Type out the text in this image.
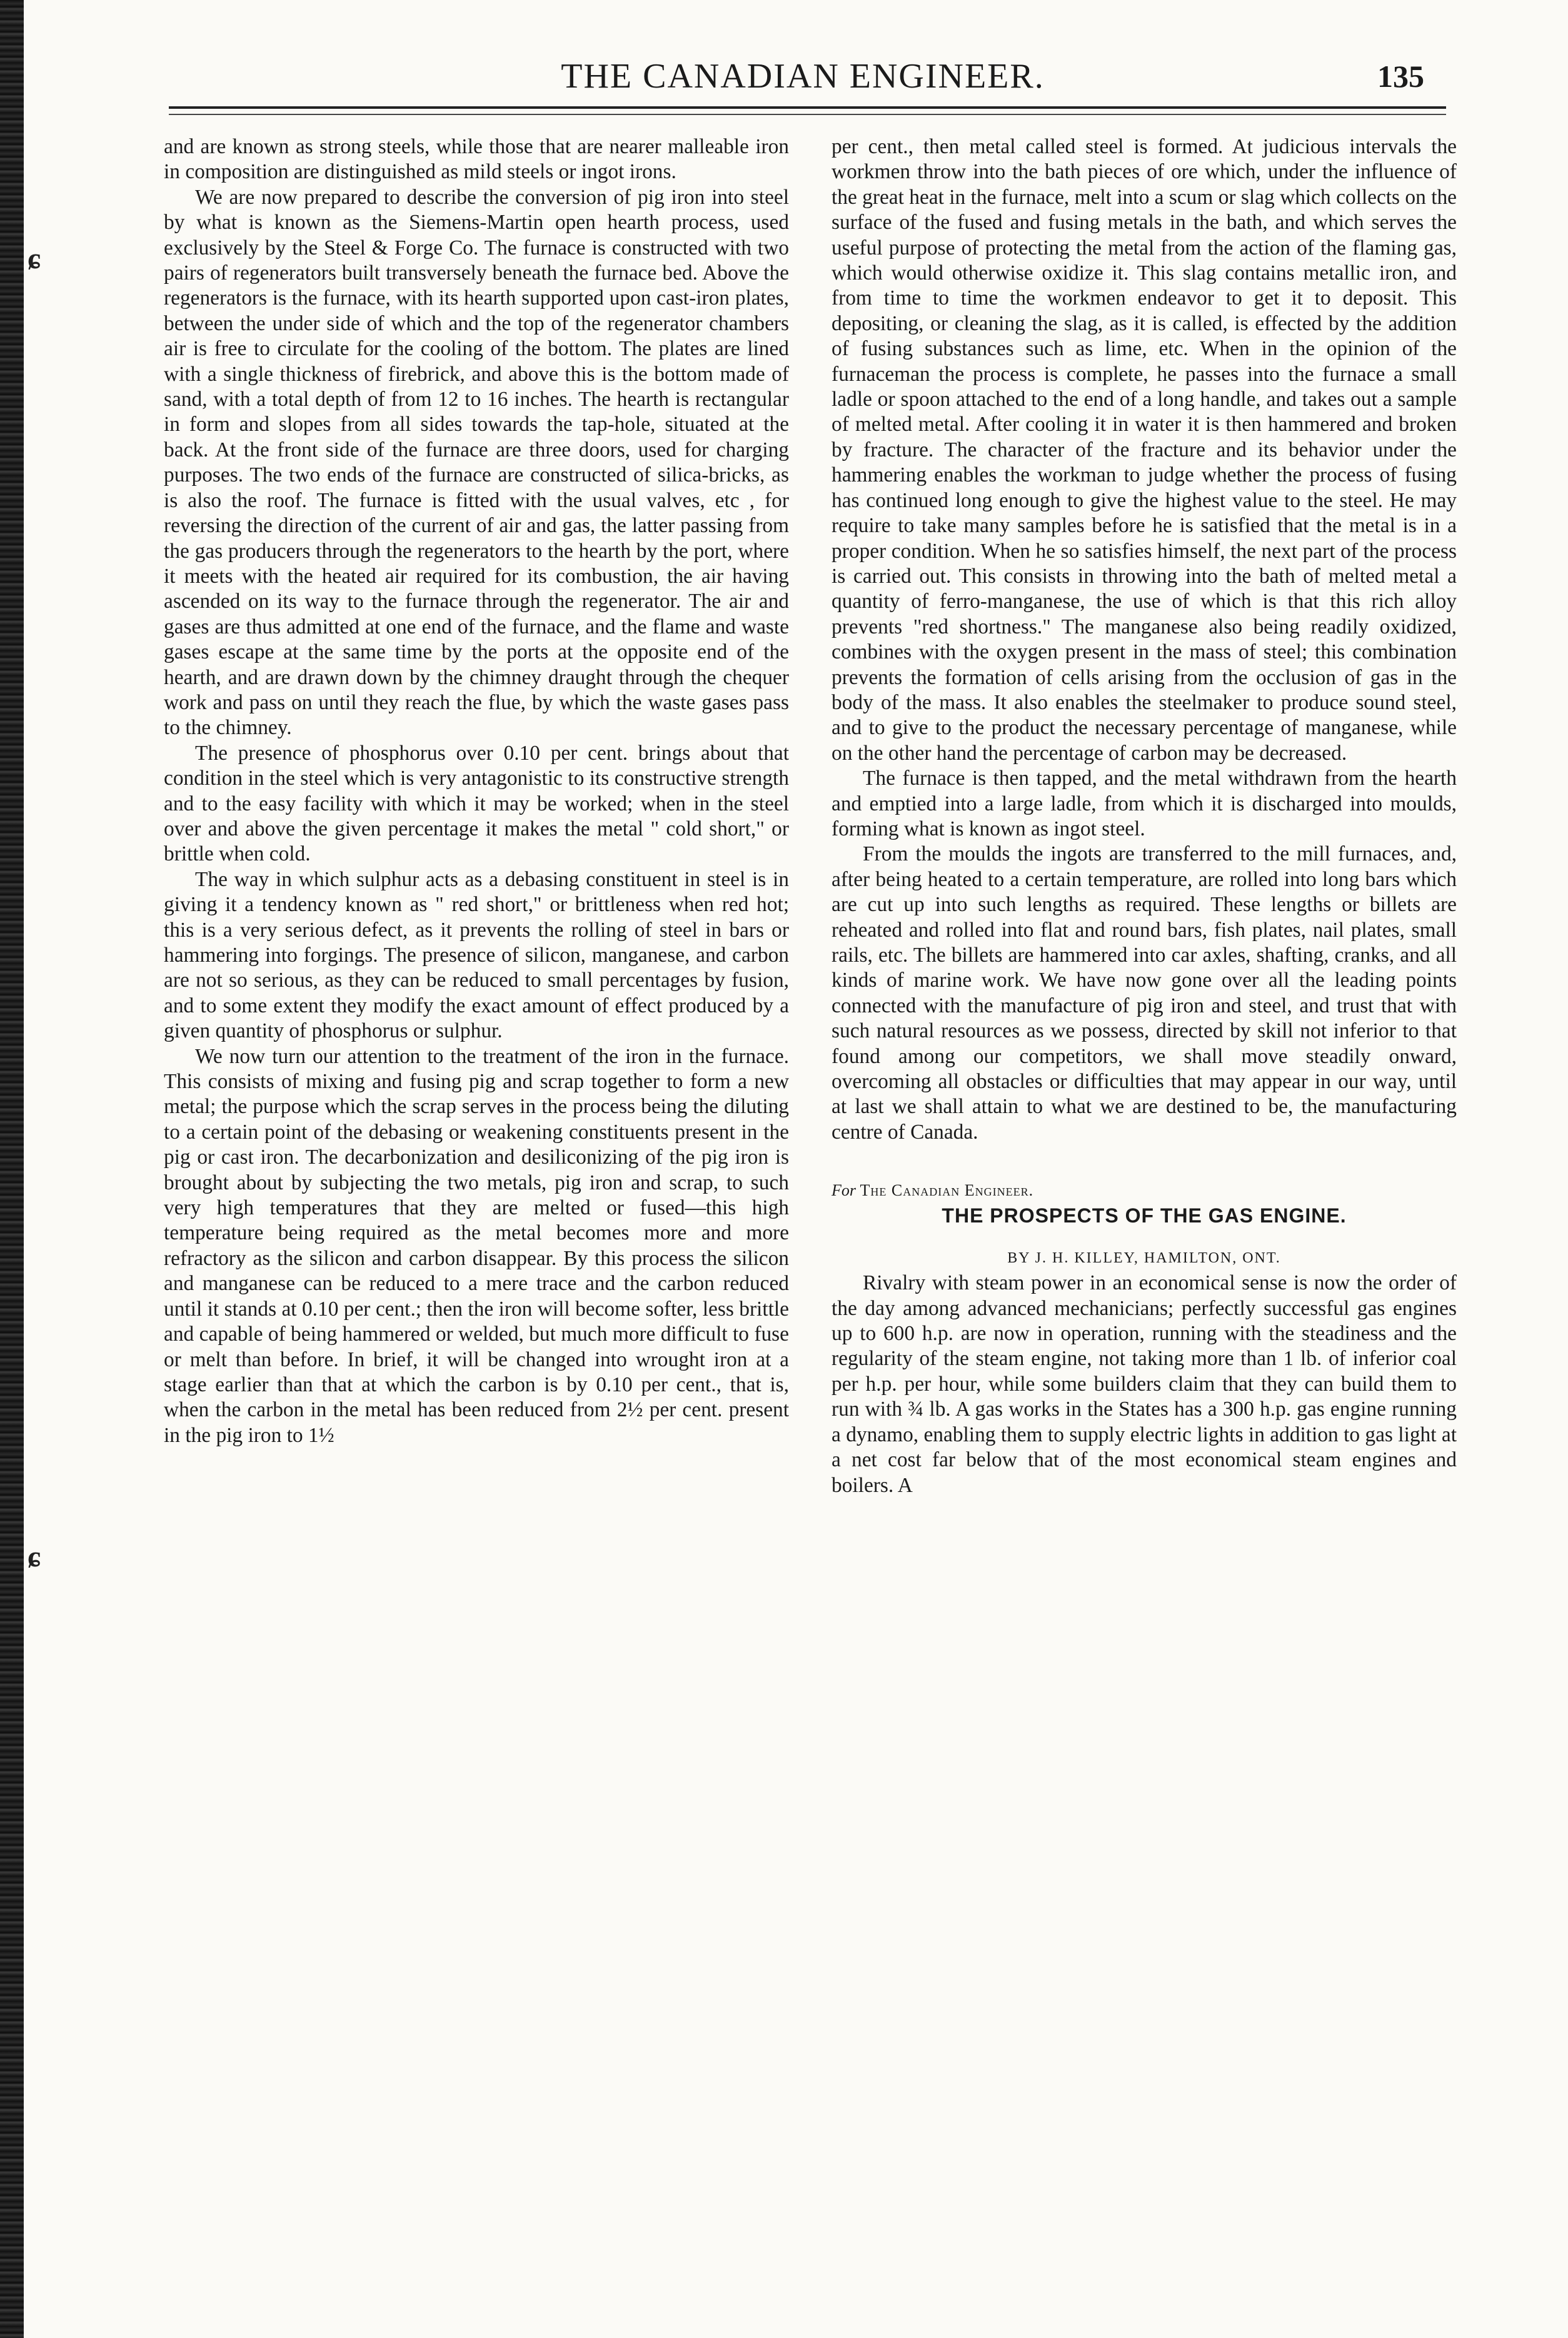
ɕ
ɕ
THE CANADIAN ENGINEER.	135

and are known as strong steels, while those that are nearer malleable iron in composition are distinguished as mild steels or ingot irons.

We are now prepared to describe the conversion of pig iron into steel by what is known as the Siemens-Martin open hearth process, used exclusively by the Steel & Forge Co. The furnace is constructed with two pairs of regenerators built transversely beneath the furnace bed. Above the regenerators is the furnace, with its hearth supported upon cast-iron plates, between the under side of which and the top of the regenerator chambers air is free to circulate for the cooling of the bottom. The plates are lined with a single thickness of firebrick, and above this is the bottom made of sand, with a total depth of from 12 to 16 inches. The hearth is rectangular in form and slopes from all sides towards the tap-hole, situated at the back. At the front side of the furnace are three doors, used for charging purposes. The two ends of the furnace are constructed of silica-bricks, as is also the roof. The furnace is fitted with the usual valves, etc , for reversing the direction of the current of air and gas, the latter passing from the gas producers through the regenerators to the hearth by the port, where it meets with the heated air required for its combustion, the air having ascended on its way to the furnace through the regenerator. The air and gases are thus admitted at one end of the furnace, and the flame and waste gases escape at the same time by the ports at the opposite end of the hearth, and are drawn down by the chimney draught through the chequer work and pass on until they reach the flue, by which the waste gases pass to the chimney.

The presence of phosphorus over 0.10 per cent. brings about that condition in the steel which is very antagonistic to its constructive strength and to the easy facility with which it may be worked; when in the steel over and above the given percentage it makes the metal " cold short," or brittle when cold.

The way in which sulphur acts as a debasing constituent in steel is in giving it a tendency known as " red short," or brittleness when red hot; this is a very serious defect, as it prevents the rolling of steel in bars or hammering into forgings. The presence of silicon, manganese, and carbon are not so serious, as they can be reduced to small percentages by fusion, and to some extent they modify the exact amount of effect produced by a given quantity of phosphorus or sulphur.

We now turn our attention to the treatment of the iron in the furnace. This consists of mixing and fusing pig and scrap together to form a new metal; the purpose which the scrap serves in the process being the diluting to a certain point of the debasing or weakening constituents present in the pig or cast iron. The decarbonization and desiliconizing of the pig iron is brought about by subjecting the two metals, pig iron and scrap, to such very high temperatures that they are melted or fused—this high temperature being required as the metal becomes more and more refractory as the silicon and carbon disappear. By this process the silicon and manganese can be reduced to a mere trace and the carbon reduced until it stands at 0.10 per cent.; then the iron will become softer, less brittle and capable of being hammered or welded, but much more difficult to fuse or melt than before. In brief, it will be changed into wrought iron at a stage earlier than that at which the carbon is by 0.10 per cent., that is, when the carbon in the metal has been reduced from 2½ per cent. present in the pig iron to 1½

per cent., then metal called steel is formed. At judicious intervals the workmen throw into the bath pieces of ore which, under the influence of the great heat in the furnace, melt into a scum or slag which collects on the surface of the fused and fusing metals in the bath, and which serves the useful purpose of protecting the metal from the action of the flaming gas, which would otherwise oxidize it. This slag contains metallic iron, and from time to time the workmen endeavor to get it to deposit. This depositing, or cleaning the slag, as it is called, is effected by the addition of fusing substances such as lime, etc. When in the opinion of the furnaceman the process is complete, he passes into the furnace a small ladle or spoon attached to the end of a long handle, and takes out a sample of melted metal. After cooling it in water it is then hammered and broken by fracture. The character of the fracture and its behavior under the hammering enables the workman to judge whether the process of fusing has continued long enough to give the highest value to the steel. He may require to take many samples before he is satisfied that the metal is in a proper condition. When he so satisfies himself, the next part of the process is carried out. This consists in throwing into the bath of melted metal a quantity of ferro-manganese, the use of which is that this rich alloy prevents "red shortness." The manganese also being readily oxidized, combines with the oxygen present in the mass of steel; this combination prevents the formation of cells arising from the occlusion of gas in the body of the mass. It also enables the steelmaker to produce sound steel, and to give to the product the necessary percentage of manganese, while on the other hand the percentage of carbon may be decreased.

The furnace is then tapped, and the metal withdrawn from the hearth and emptied into a large ladle, from which it is discharged into moulds, forming what is known as ingot steel.

From the moulds the ingots are transferred to the mill furnaces, and, after being heated to a certain temperature, are rolled into long bars which are cut up into such lengths as required. These lengths or billets are reheated and rolled into flat and round bars, fish plates, nail plates, small rails, etc. The billets are hammered into car axles, shafting, cranks, and all kinds of marine work. We have now gone over all the leading points connected with the manufacture of pig iron and steel, and trust that with such natural resources as we possess, directed by skill not inferior to that found among our competitors, we shall move steadily onward, overcoming all obstacles or difficulties that may appear in our way, until at last we shall attain to what we are destined to be, the manufacturing centre of Canada.

For The Canadian Engineer.

THE PROSPECTS OF THE GAS ENGINE.

BY J. H. KILLEY, HAMILTON, ONT.

Rivalry with steam power in an economical sense is now the order of the day among advanced mechanicians; perfectly successful gas engines up to 600 h.p. are now in operation, running with the steadiness and the regularity of the steam engine, not taking more than 1 lb. of inferior coal per h.p. per hour, while some builders claim that they can build them to run with ¾ lb. A gas works in the States has a 300 h.p. gas engine running a dynamo, enabling them to supply electric lights in addition to gas light at a net cost far below that of the most economical steam engines and boilers. A
